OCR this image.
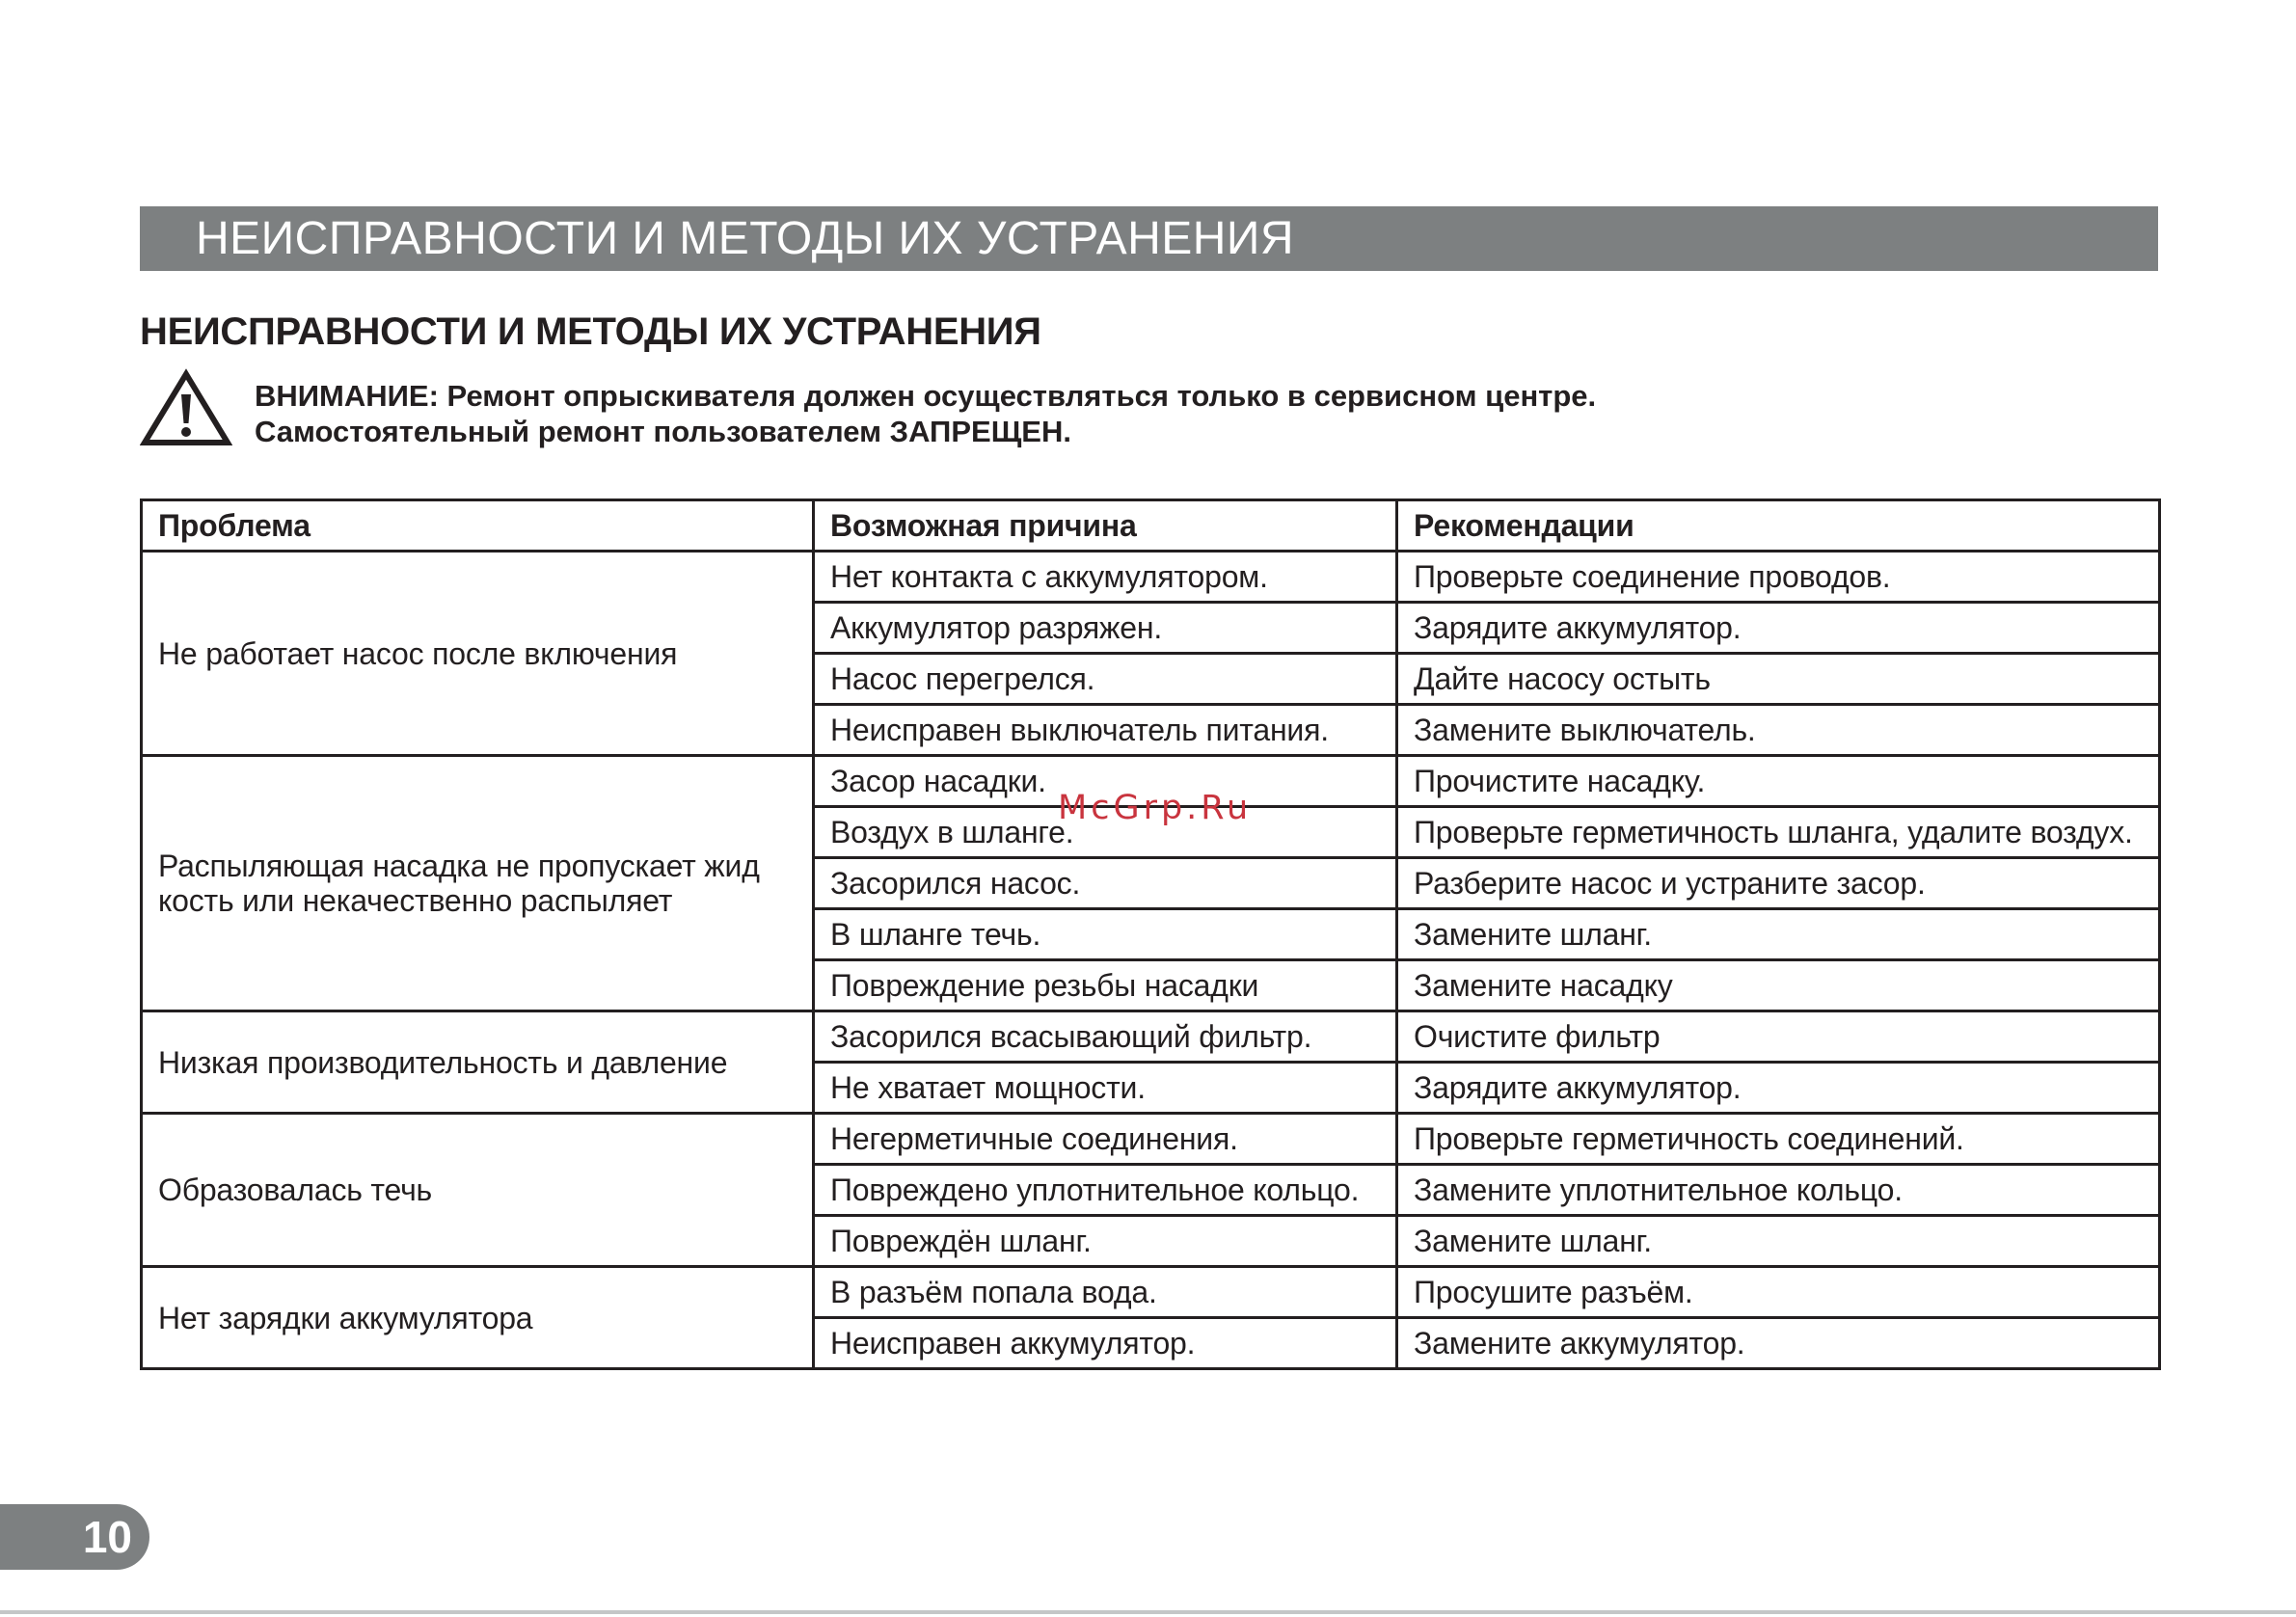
НЕИСПРАВНОСТИ И МЕТОДЫ ИХ УСТРАНЕНИЯ
НЕИСПРАВНОСТИ И МЕТОДЫ ИХ УСТРАНЕНИЯ
ВНИМАНИЕ: Ремонт опрыскивателя должен осуществляться только в сервисном центре.
Самостоятельный ремонт пользователем ЗАПРЕЩЕН.
Проблема	Возможная причина	Рекомендации
Не работает насос после включения	Нет контакта с аккумулятором.	Проверьте соединение проводов.
	Аккумулятор разряжен.	Зарядите аккумулятор.
	Насос перегрелся.	Дайте насосу остыть
	Неисправен выключатель питания.	Замените выключатель.
Распыляющая насадка не пропускает жид кость или некачественно распыляет	Засор насадки.	Прочистите насадку.
	Воздух в шланге.	Проверьте герметичность шланга, удалите воздух.
	Засорился насос.	Разберите насос и устраните засор.
	В шланге течь.	Замените шланг.
	Повреждение резьбы насадки	Замените насадку
Низкая производительность и давление	Засорился всасывающий фильтр.	Очистите фильтр
	Не хватает мощности.	Зарядите аккумулятор.
Образовалась течь	Негерметичные соединения.	Проверьте герметичность соединений.
	Повреждено уплотнительное кольцо.	Замените уплотнительное кольцо.
	Повреждён шланг.	Замените шланг.
Нет зарядки аккумулятора	В разъём попала вода.	Просушите разъём.
	Неисправен аккумулятор.	Замените аккумулятор.
McGrp.Ru
10
